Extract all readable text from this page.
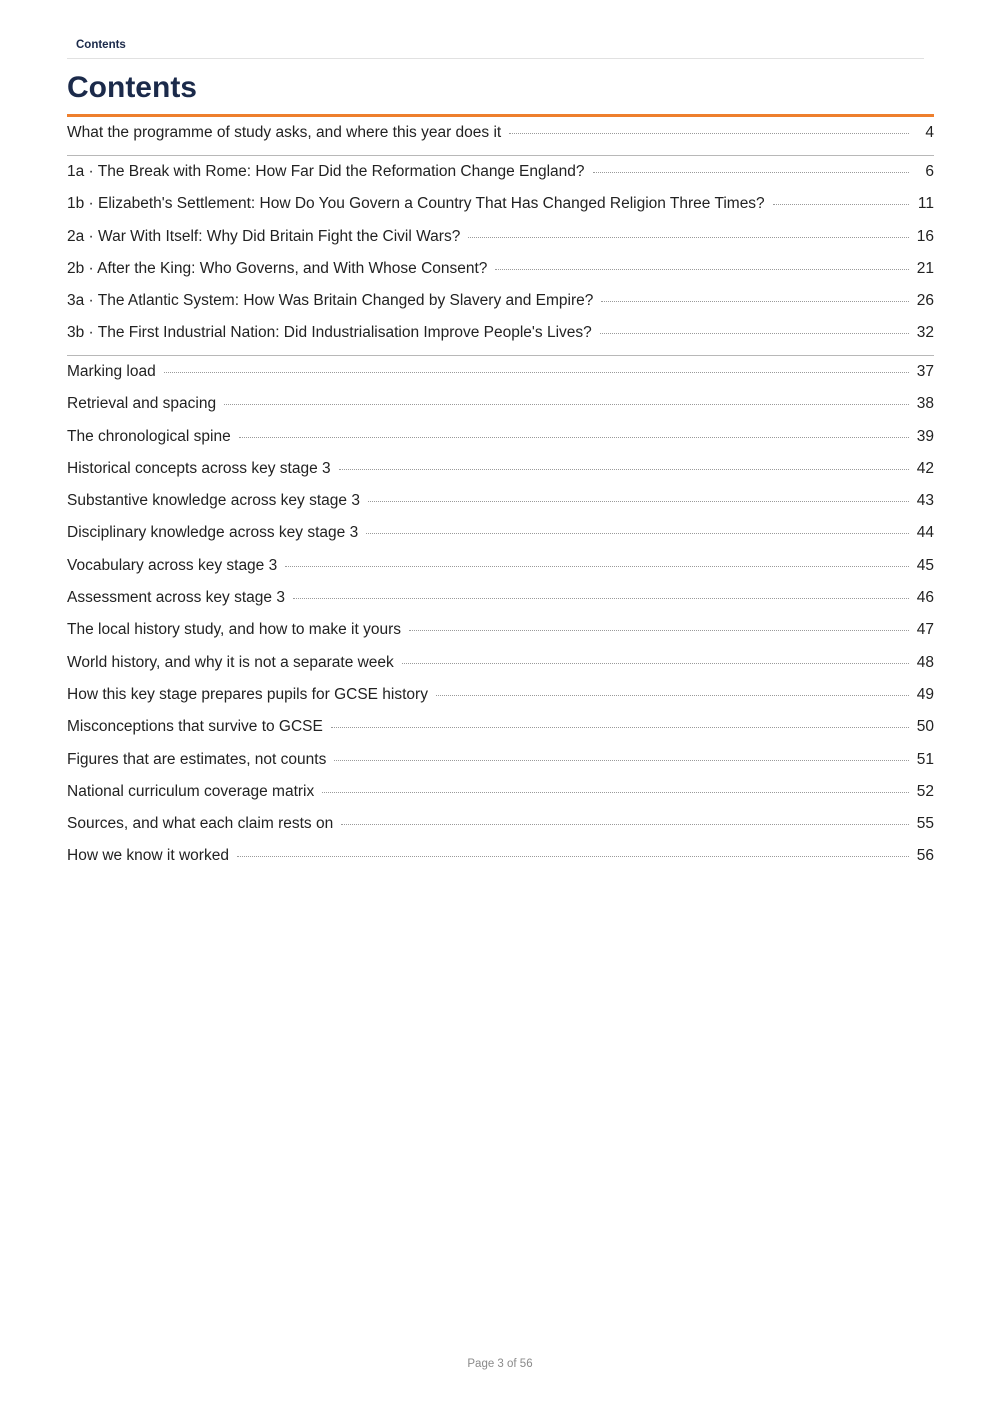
Contents
Contents
What the programme of study asks, and where this year does it	4
1a · The Break with Rome: How Far Did the Reformation Change England?	6
1b · Elizabeth's Settlement: How Do You Govern a Country That Has Changed Religion Three Times?	11
2a · War With Itself: Why Did Britain Fight the Civil Wars?	16
2b · After the King: Who Governs, and With Whose Consent?	21
3a · The Atlantic System: How Was Britain Changed by Slavery and Empire?	26
3b · The First Industrial Nation: Did Industrialisation Improve People's Lives?	32
Marking load	37
Retrieval and spacing	38
The chronological spine	39
Historical concepts across key stage 3	42
Substantive knowledge across key stage 3	43
Disciplinary knowledge across key stage 3	44
Vocabulary across key stage 3	45
Assessment across key stage 3	46
The local history study, and how to make it yours	47
World history, and why it is not a separate week	48
How this key stage prepares pupils for GCSE history	49
Misconceptions that survive to GCSE	50
Figures that are estimates, not counts	51
National curriculum coverage matrix	52
Sources, and what each claim rests on	55
How we know it worked	56
Page 3 of 56
